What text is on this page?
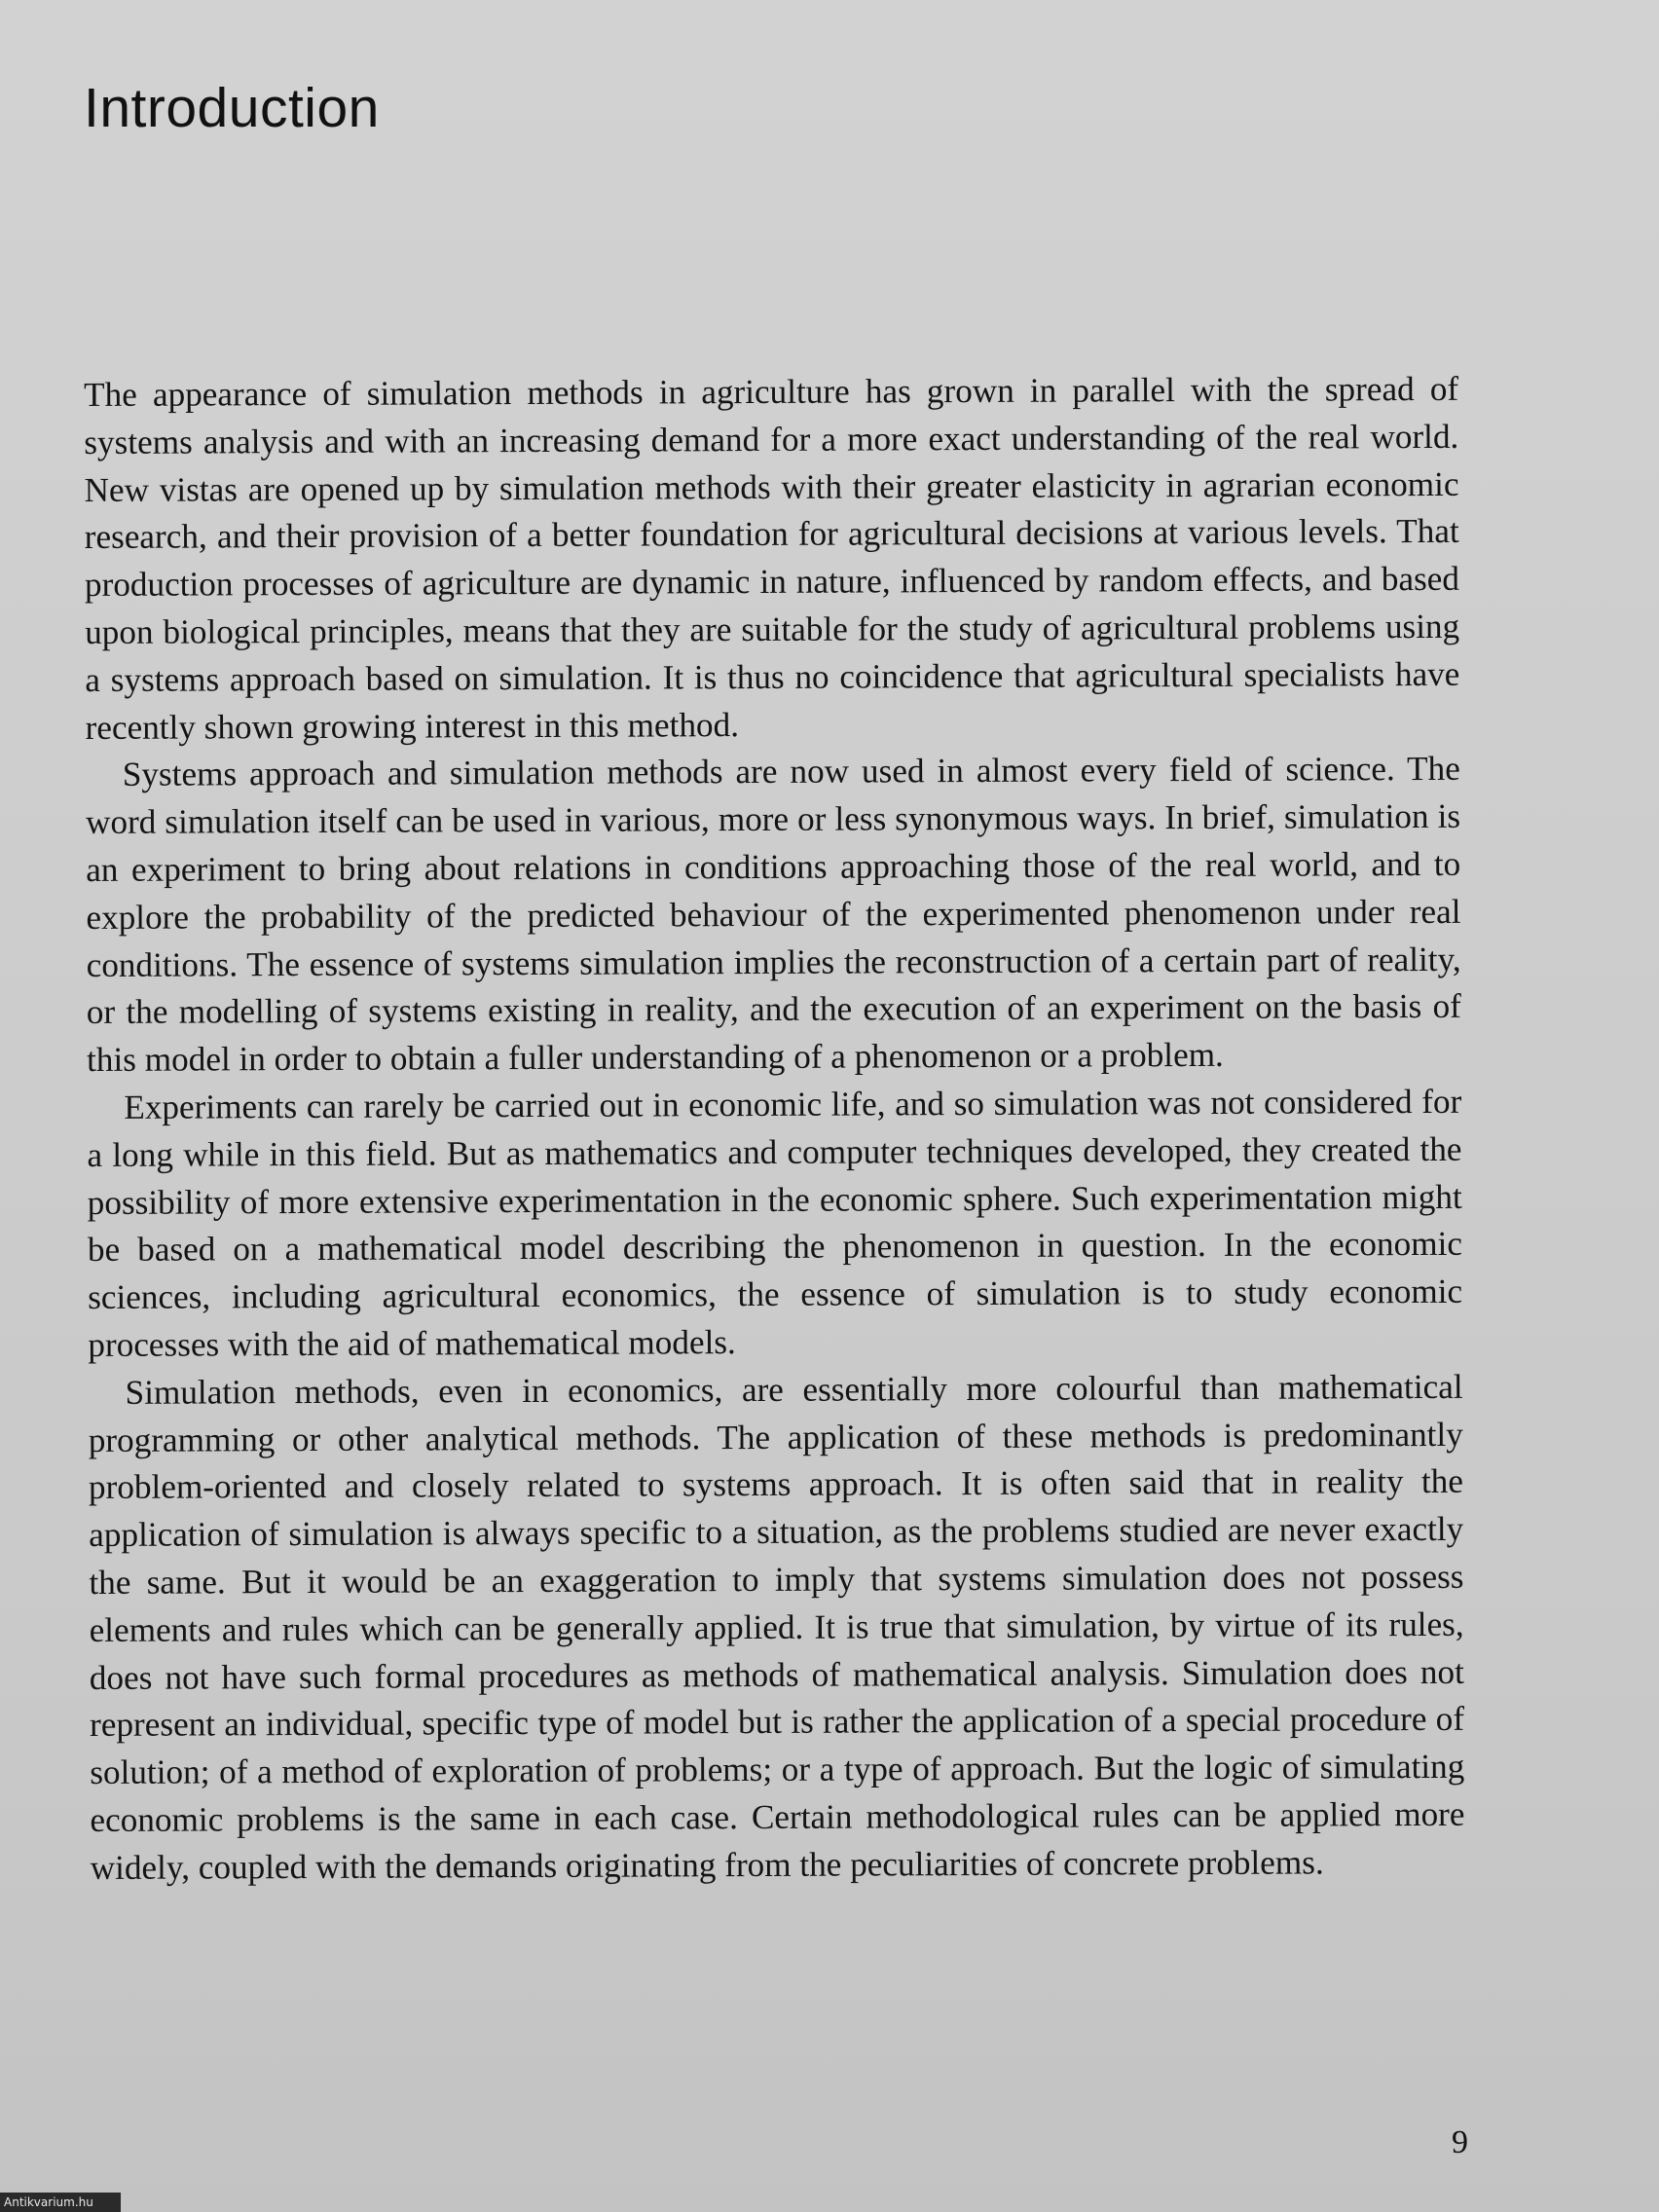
Introduction

The appearance of simulation methods in agriculture has grown in parallel with the spread of systems analysis and with an increasing demand for a more exact understanding of the real world. New vistas are opened up by simulation methods with their greater elasticity in agrarian economic research, and their provision of a better foundation for agricultural decisions at various levels. That production processes of agriculture are dynamic in nature, influenced by random effects, and based upon biological principles, means that they are suitable for the study of agricultural problems using a systems approach based on simulation. It is thus no coincidence that agricultural specialists have recently shown growing interest in this method.

Systems approach and simulation methods are now used in almost every field of science. The word simulation itself can be used in various, more or less synonymous ways. In brief, simulation is an experiment to bring about relations in conditions approaching those of the real world, and to explore the probability of the predicted behaviour of the experimented phenomenon under real conditions. The essence of systems simulation implies the reconstruction of a certain part of reality, or the modelling of systems existing in reality, and the execution of an experiment on the basis of this model in order to obtain a fuller understanding of a phenomenon or a problem.

Experiments can rarely be carried out in economic life, and so simulation was not considered for a long while in this field. But as mathematics and computer techniques developed, they created the possibility of more extensive experimentation in the economic sphere. Such experimentation might be based on a mathematical model describing the phenomenon in question. In the economic sciences, including agricultural economics, the essence of simulation is to study economic processes with the aid of mathematical models.

Simulation methods, even in economics, are essentially more colourful than mathematical programming or other analytical methods. The application of these methods is predominantly problem-oriented and closely related to systems approach. It is often said that in reality the application of simulation is always specific to a situation, as the problems studied are never exactly the same. But it would be an exaggeration to imply that systems simulation does not possess elements and rules which can be generally applied. It is true that simulation, by virtue of its rules, does not have such formal procedures as methods of mathematical analysis. Simulation does not represent an individual, specific type of model but is rather the application of a special procedure of solution; of a method of exploration of problems; or a type of approach. But the logic of simulating economic problems is the same in each case. Certain methodological rules can be applied more widely, coupled with the demands originating from the peculiarities of concrete problems.

9
Antikvarium.hu
